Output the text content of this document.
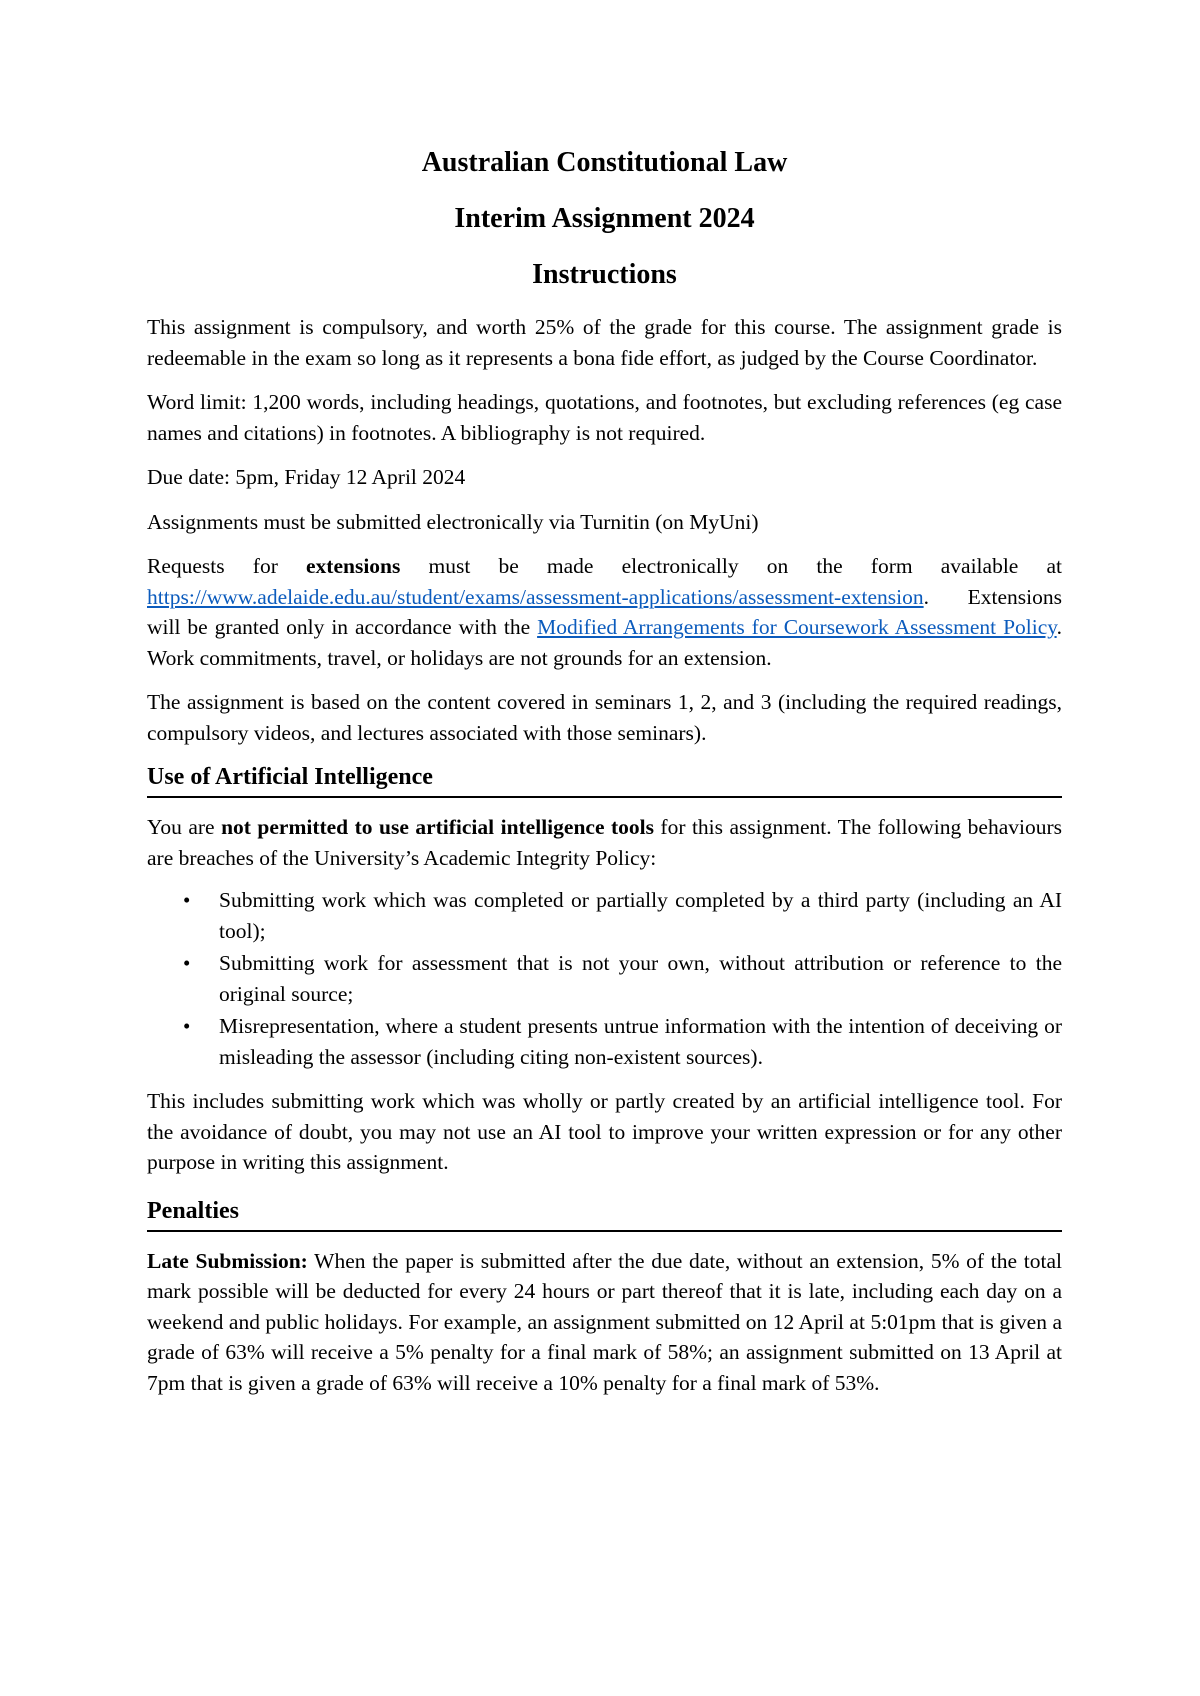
Australian Constitutional Law

Interim Assignment 2024

Instructions

This assignment is compulsory, and worth 25% of the grade for this course. The assignment grade is redeemable in the exam so long as it represents a bona fide effort, as judged by the Course Coordinator.

Word limit: 1,200 words, including headings, quotations, and footnotes, but excluding references (eg case names and citations) in footnotes. A bibliography is not required.

Due date: 5pm, Friday 12 April 2024

Assignments must be submitted electronically via Turnitin (on MyUni)

Requests for extensions must be made electronically on the form available at https://www.adelaide.edu.au/student/exams/assessment-applications/assessment-extension. Extensions will be granted only in accordance with the Modified Arrangements for Coursework Assessment Policy. Work commitments, travel, or holidays are not grounds for an extension.

The assignment is based on the content covered in seminars 1, 2, and 3 (including the required readings, compulsory videos, and lectures associated with those seminars).

Use of Artificial Intelligence

You are not permitted to use artificial intelligence tools for this assignment. The following behaviours are breaches of the University’s Academic Integrity Policy:

•	Submitting work which was completed or partially completed by a third party (including an AI tool);
•	Submitting work for assessment that is not your own, without attribution or reference to the original source;
•	Misrepresentation, where a student presents untrue information with the intention of deceiving or misleading the assessor (including citing non-existent sources).

This includes submitting work which was wholly or partly created by an artificial intelligence tool. For the avoidance of doubt, you may not use an AI tool to improve your written expression or for any other purpose in writing this assignment.

Penalties

Late Submission: When the paper is submitted after the due date, without an extension, 5% of the total mark possible will be deducted for every 24 hours or part thereof that it is late, including each day on a weekend and public holidays. For example, an assignment submitted on 12 April at 5:01pm that is given a grade of 63% will receive a 5% penalty for a final mark of 58%; an assignment submitted on 13 April at 7pm that is given a grade of 63% will receive a 10% penalty for a final mark of 53%.
